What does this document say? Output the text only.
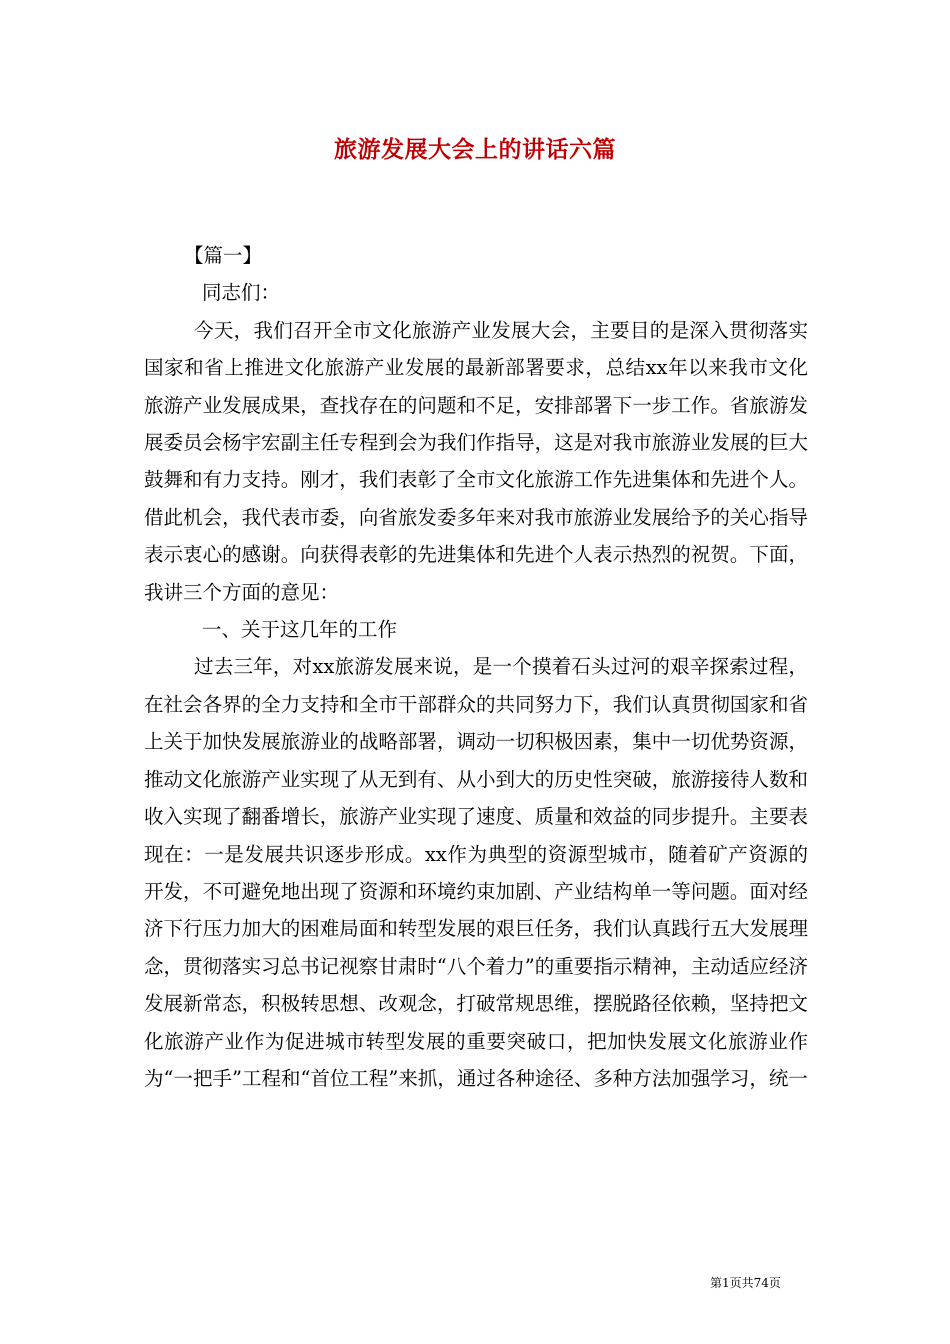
旅游发展大会上的讲话六篇

【篇一】

同志们：

今天，我们召开全市文化旅游产业发展大会，主要目的是深入贯彻落实国家和省上推进文化旅游产业发展的最新部署要求，总结xx年以来我市文化旅游产业发展成果，查找存在的问题和不足，安排部署下一步工作。省旅游发展委员会杨宇宏副主任专程到会为我们作指导，这是对我市旅游业发展的巨大鼓舞和有力支持。刚才，我们表彰了全市文化旅游工作先进集体和先进个人。借此机会，我代表市委，向省旅发委多年来对我市旅游业发展给予的关心指导表示衷心的感谢。向获得表彰的先进集体和先进个人表示热烈的祝贺。下面，我讲三个方面的意见：

一、关于这几年的工作

过去三年，对xx旅游发展来说，是一个摸着石头过河的艰辛探索过程，在社会各界的全力支持和全市干部群众的共同努力下，我们认真贯彻国家和省上关于加快发展旅游业的战略部署，调动一切积极因素，集中一切优势资源，推动文化旅游产业实现了从无到有、从小到大的历史性突破，旅游接待人数和收入实现了翻番增长，旅游产业实现了速度、质量和效益的同步提升。主要表现在：一是发展共识逐步形成。xx作为典型的资源型城市，随着矿产资源的开发，不可避免地出现了资源和环境约束加剧、产业结构单一等问题。面对经济下行压力加大的困难局面和转型发展的艰巨任务，我们认真践行五大发展理念，贯彻落实习总书记视察甘肃时“八个着力”的重要指示精神，主动适应经济发展新常态，积极转思想、改观念，打破常规思维，摆脱路径依赖，坚持把文化旅游产业作为促进城市转型发展的重要突破口，把加快发展文化旅游业作为“一把手”工程和“首位工程”来抓，通过各种途径、多种方法加强学习，统一

第1页共74页
